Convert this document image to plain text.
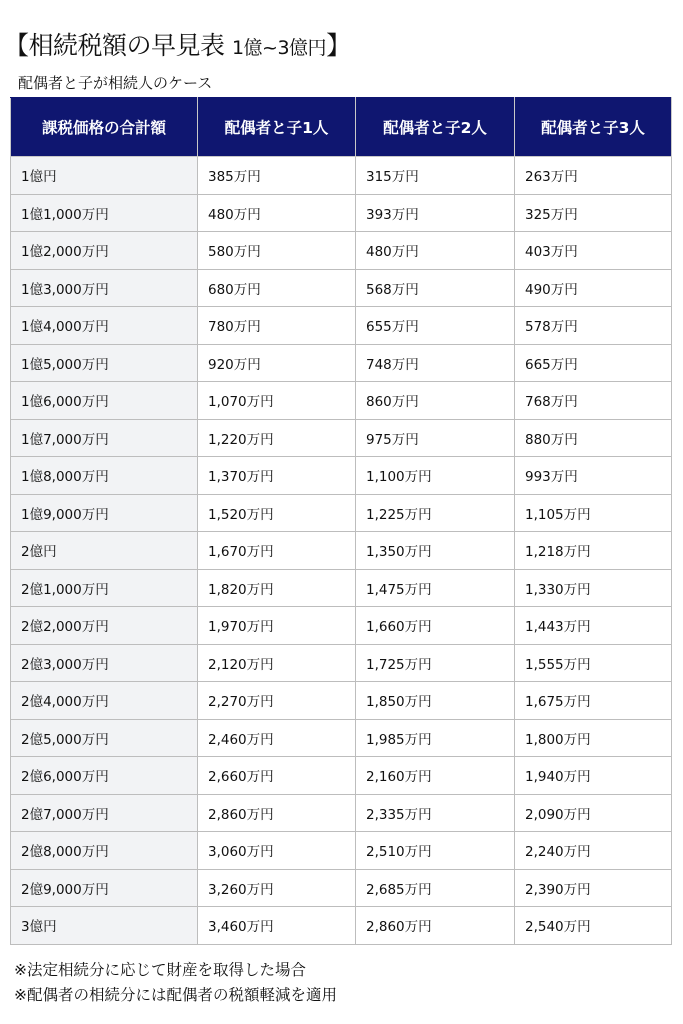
【相続税額の早見表 1億~3億円】
配偶者と子が相続人のケース
課税価格の合計額	配偶者と子1人	配偶者と子2人	配偶者と子3人
1億円	385万円	315万円	263万円
1億1,000万円	480万円	393万円	325万円
1億2,000万円	580万円	480万円	403万円
1億3,000万円	680万円	568万円	490万円
1億4,000万円	780万円	655万円	578万円
1億5,000万円	920万円	748万円	665万円
1億6,000万円	1,070万円	860万円	768万円
1億7,000万円	1,220万円	975万円	880万円
1億8,000万円	1,370万円	1,100万円	993万円
1億9,000万円	1,520万円	1,225万円	1,105万円
2億円	1,670万円	1,350万円	1,218万円
2億1,000万円	1,820万円	1,475万円	1,330万円
2億2,000万円	1,970万円	1,660万円	1,443万円
2億3,000万円	2,120万円	1,725万円	1,555万円
2億4,000万円	2,270万円	1,850万円	1,675万円
2億5,000万円	2,460万円	1,985万円	1,800万円
2億6,000万円	2,660万円	2,160万円	1,940万円
2億7,000万円	2,860万円	2,335万円	2,090万円
2億8,000万円	3,060万円	2,510万円	2,240万円
2億9,000万円	3,260万円	2,685万円	2,390万円
3億円	3,460万円	2,860万円	2,540万円
※法定相続分に応じて財産を取得した場合
※配偶者の相続分には配偶者の税額軽減を適用
